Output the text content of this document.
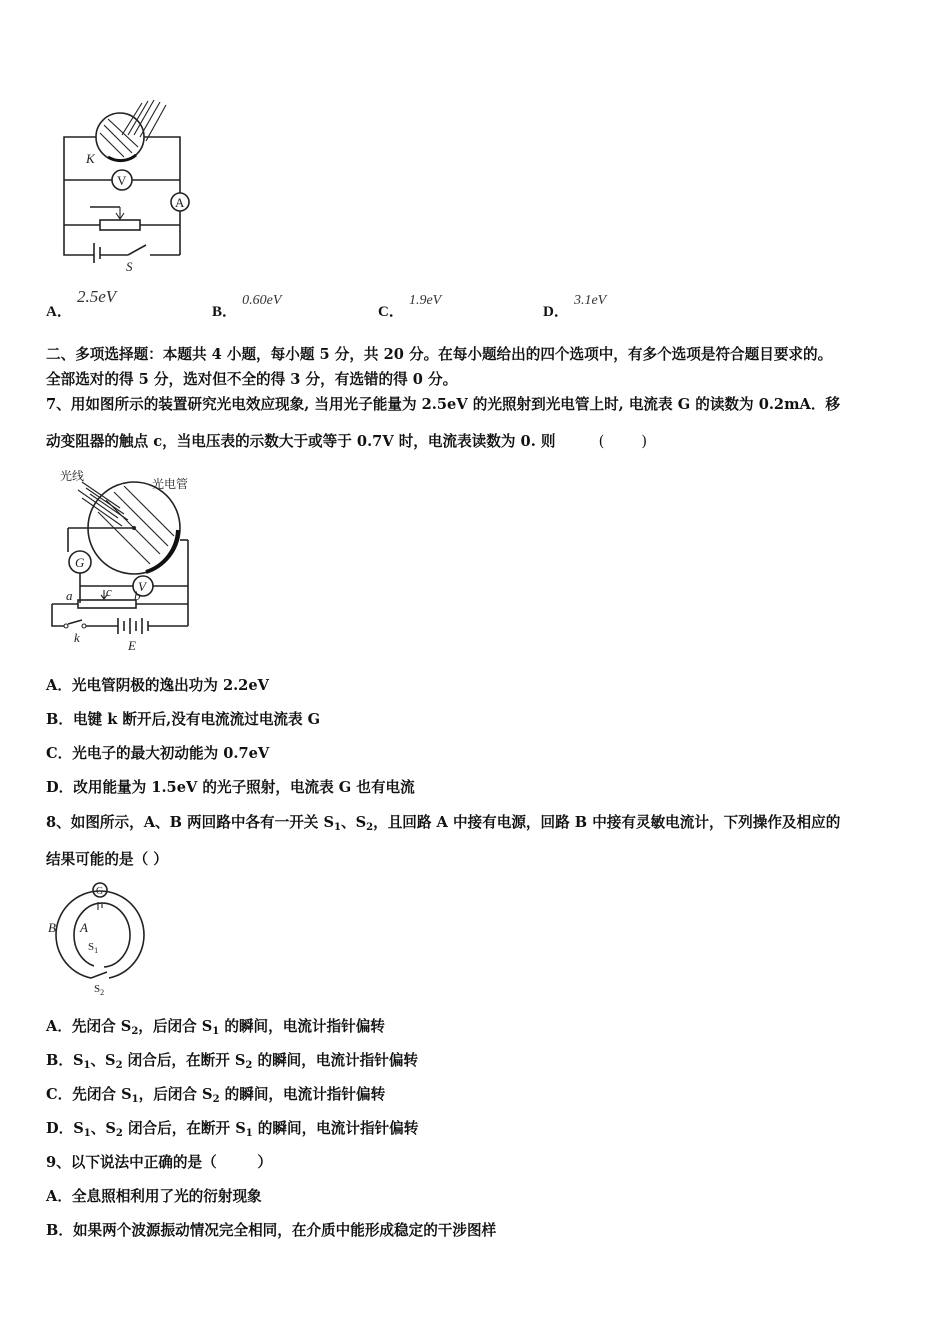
K
V
A
S
A． 2.5eV
B． 0.60eV
C． 1.9eV
D． 3.1eV
二、多项选择题：本题共 4 小题，每小题 5 分，共 20 分。在每小题给出的四个选项中，有多个选项是符合题目要求的。
全部选对的得 5 分，选对但不全的得 3 分，有选错的得 0 分。
7、用如图所示的装置研究光电效应现象, 当用光子能量为 2.5eV 的光照射到光电管上时, 电流表 G 的读数为 0.2mA．移
动变阻器的触点 c，当电压表的示数大于或等于 0.7V 时，电流表读数为 0. 则	(        )
光线
光电管
G
V
a	b
c
k
E
A．光电管阴极的逸出功为 2.2eV
B．电键 k 断开后,没有电流流过电流表 G
C．光电子的最大初动能为 0.7eV
D．改用能量为 1.5eV 的光子照射，电流表 G 也有电流
8、如图所示，A、B 两回路中各有一开关 $S_1$、$S_2$，且回路 A 中接有电源，回路 B 中接有灵敏电流计，下列操作及相应的
结果可能的是（ ）
G
B A
$S_1$
$S_2$
A．先闭合 $S_2$，后闭合 $S_1$ 的瞬间，电流计指针偏转
B．$S_1$、$S_2$ 闭合后，在断开 $S_2$ 的瞬间，电流计指针偏转
C．先闭合 $S_1$，后闭合 $S_2$ 的瞬间，电流计指针偏转
D．$S_1$、$S_2$ 闭合后，在断开 $S_1$ 的瞬间，电流计指针偏转
9、以下说法中正确的是（        ）
A．全息照相利用了光的衍射现象
B．如果两个波源振动情况完全相同，在介质中能形成稳定的干涉图样
